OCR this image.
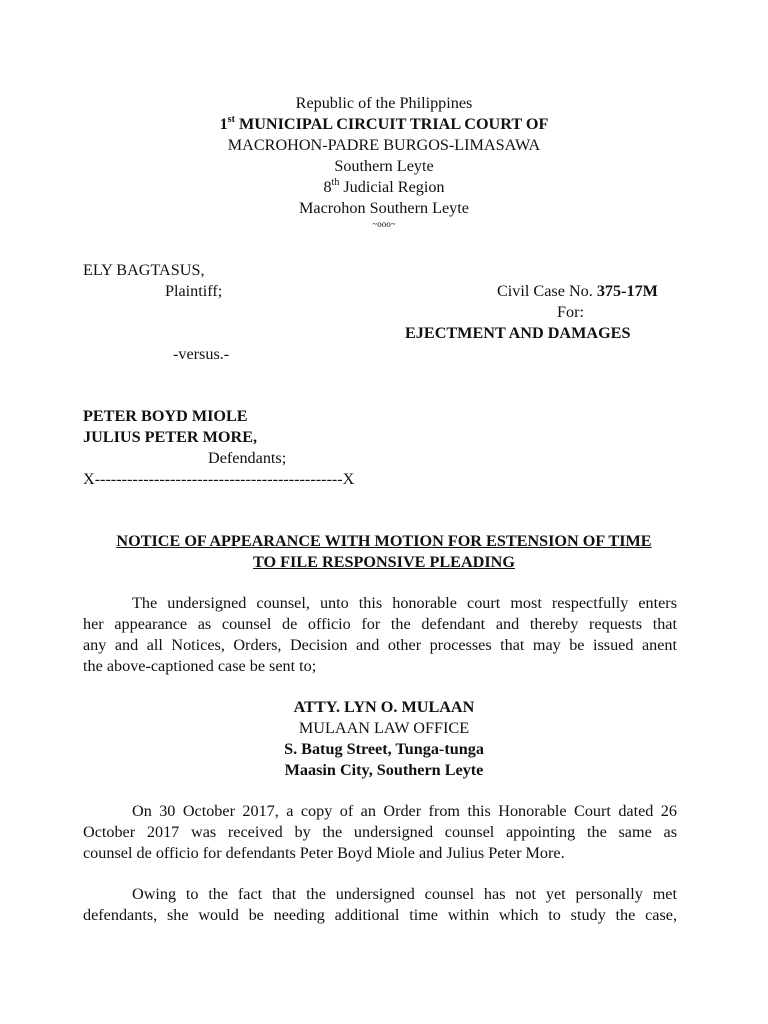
Republic of the Philippines
1st MUNICIPAL CIRCUIT TRIAL COURT OF
MACROHON-PADRE BURGOS-LIMASAWA
Southern Leyte
8th Judicial Region
Macrohon Southern Leyte
~ooo~
ELY BAGTASUS,
Plaintiff;	Civil Case No. 375-17M
For:
EJECTMENT AND DAMAGES
-versus.-
PETER BOYD MIOLE
JULIUS PETER MORE,
Defendants;
X----------------------------------------------X
NOTICE OF APPEARANCE WITH MOTION FOR ESTENSION OF TIME
TO FILE RESPONSIVE PLEADING
The undersigned counsel, unto this honorable court most respectfully enters
her appearance as counsel de officio for the defendant and thereby requests that
any and all Notices, Orders, Decision and other processes that may be issued anent
the above-captioned case be sent to;
ATTY. LYN O. MULAAN
MULAAN LAW OFFICE
S. Batug Street, Tunga-tunga
Maasin City, Southern Leyte
On 30 October 2017, a copy of an Order from this Honorable Court dated 26
October 2017 was received by the undersigned counsel appointing the same as
counsel de officio for defendants Peter Boyd Miole and Julius Peter More.
Owing to the fact that the undersigned counsel has not yet personally met
defendants, she would be needing additional time within which to study the case,
